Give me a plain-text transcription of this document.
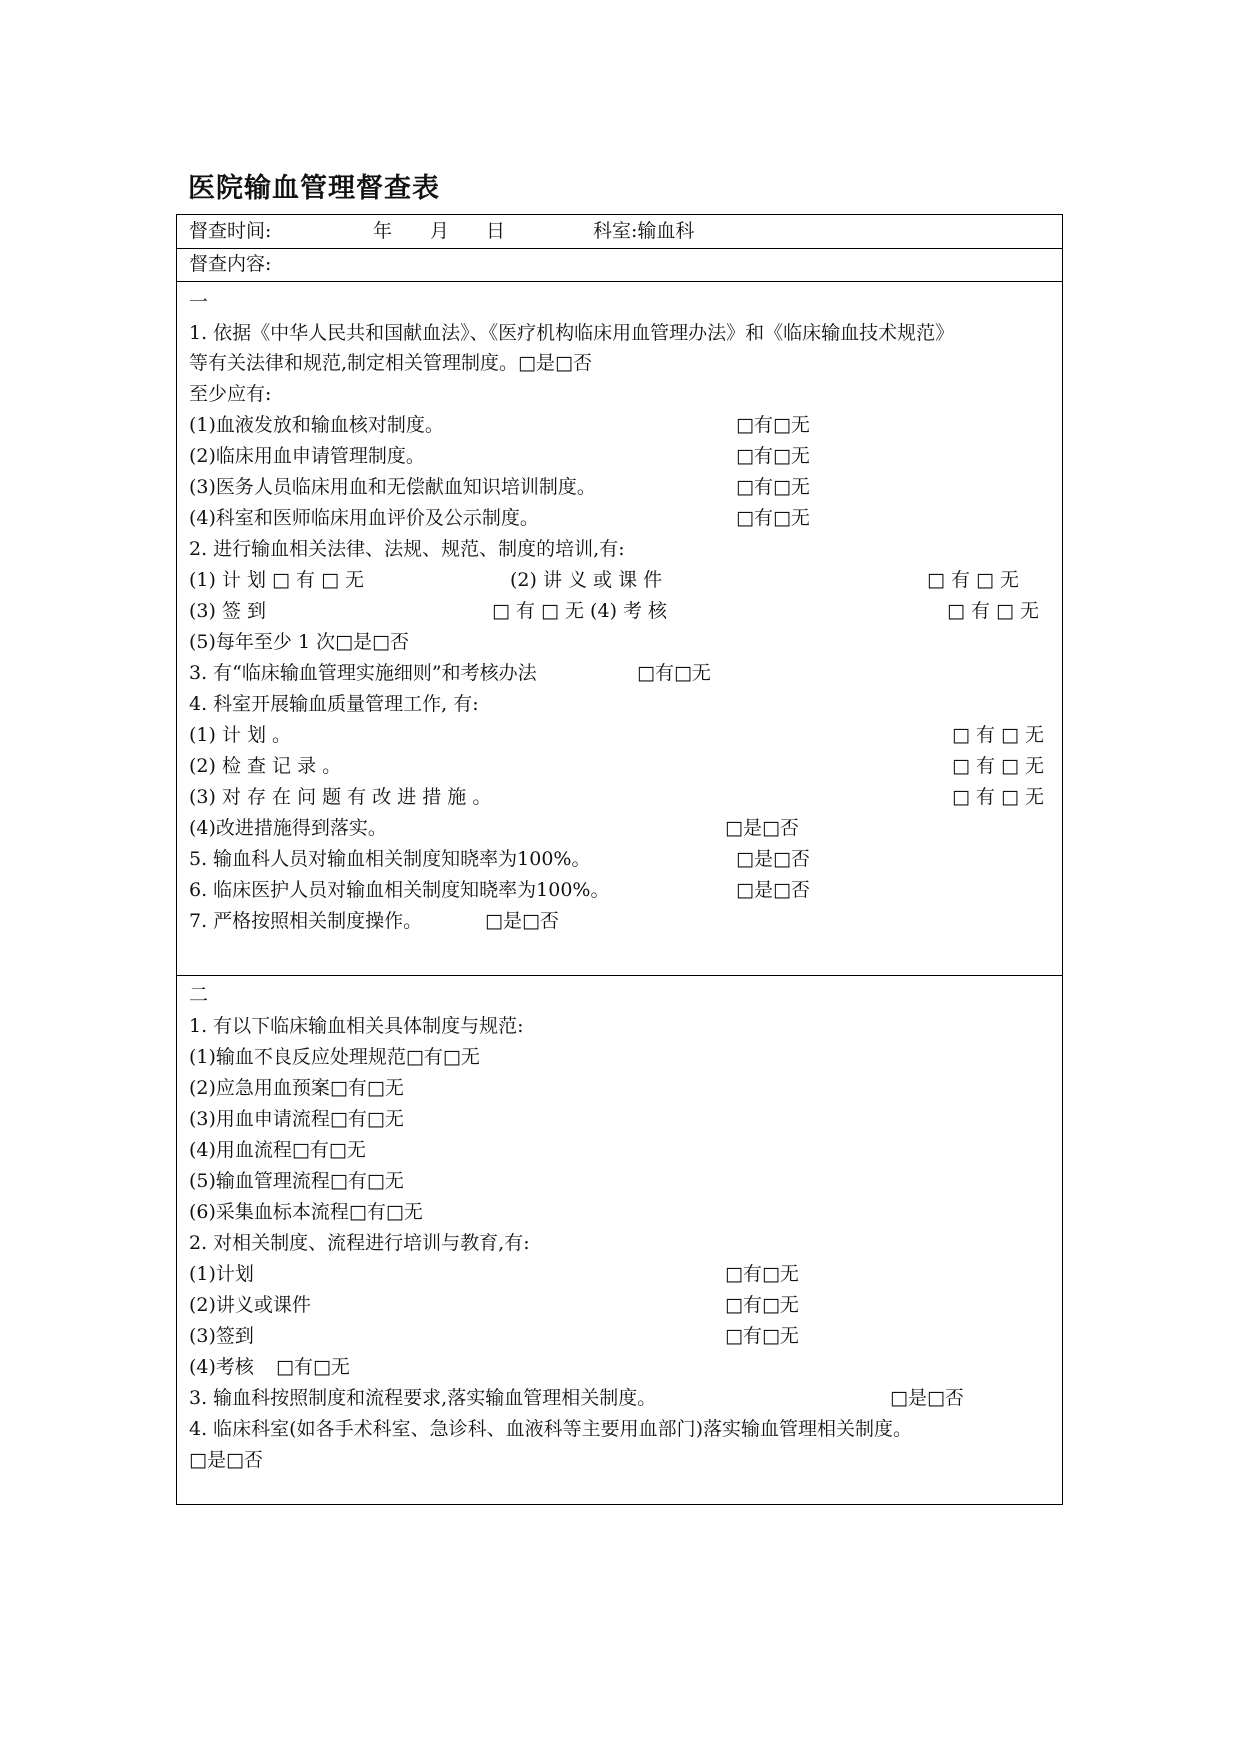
医院输血管理督查表
督查时间:	年 月 日	科室:输血科
督查内容:
一
1. 依据《中华人民共和国献血法》、《医疗机构临床用血管理办法》和《临床输血技术规范》
等有关法律和规范,制定相关管理制度。□是□否
至少应有:
(1)血液发放和输血核对制度。	□有□无
(2)临床用血申请管理制度。	□有□无
(3)医务人员临床用血和无偿献血知识培训制度。	□有□无
(4)科室和医师临床用血评价及公示制度。	□有□无
2. 进行输血相关法律、法规、规范、制度的培训,有:
(1) 计 划 □ 有 □ 无	(2) 讲 义 或 课 件	□ 有 □ 无
(3) 签 到	□ 有 □ 无 (4) 考 核	□ 有 □ 无
(5)每年至少 1 次□是□否
3. 有“临床输血管理实施细则”和考核办法	□有□无
4. 科室开展输血质量管理工作, 有:
(1) 计 划 。	□ 有 □ 无
(2) 检 查 记 录 。	□ 有 □ 无
(3) 对 存 在 问 题 有 改 进 措 施 。	□ 有 □ 无
(4)改进措施得到落实。	□是□否
5. 输血科人员对输血相关制度知晓率为100%。	□是□否
6. 临床医护人员对输血相关制度知晓率为100%。	□是□否
7. 严格按照相关制度操作。	□是□否
二
1. 有以下临床输血相关具体制度与规范:
(1)输血不良反应处理规范□有□无
(2)应急用血预案□有□无
(3)用血申请流程□有□无
(4)用血流程□有□无
(5)输血管理流程□有□无
(6)采集血标本流程□有□无
2. 对相关制度、流程进行培训与教育,有:
(1)计划	□有□无
(2)讲义或课件	□有□无
(3)签到	□有□无
(4)考核 □有□无
3. 输血科按照制度和流程要求,落实输血管理相关制度。	□是□否
4. 临床科室(如各手术科室、急诊科、血液科等主要用血部门)落实输血管理相关制度。
□是□否
